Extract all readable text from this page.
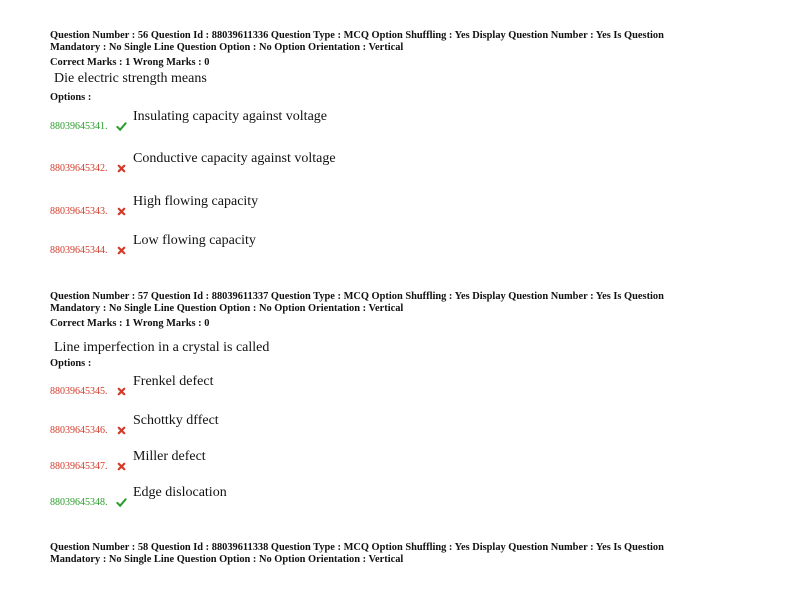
Question Number : 56 Question Id : 88039611336 Question Type : MCQ Option Shuffling : Yes Display Question Number : Yes Is Question

Mandatory : No Single Line Question Option : No Option Orientation : Vertical

Correct Marks : 1 Wrong Marks : 0

Die electric strength means

Options :

88039645341.
Insulating capacity against voltage
88039645342.
Conductive capacity against voltage
88039645343.
High flowing capacity
88039645344.
Low flowing capacity

Question Number : 57 Question Id : 88039611337 Question Type : MCQ Option Shuffling : Yes Display Question Number : Yes Is Question

Mandatory : No Single Line Question Option : No Option Orientation : Vertical

Correct Marks : 1 Wrong Marks : 0

Line imperfection in a crystal is called

Options :

88039645345.
Frenkel defect
88039645346.
Schottky dffect
88039645347.
Miller defect
88039645348.
Edge dislocation

Question Number : 58 Question Id : 88039611338 Question Type : MCQ Option Shuffling : Yes Display Question Number : Yes Is Question

Mandatory : No Single Line Question Option : No Option Orientation : Vertical
